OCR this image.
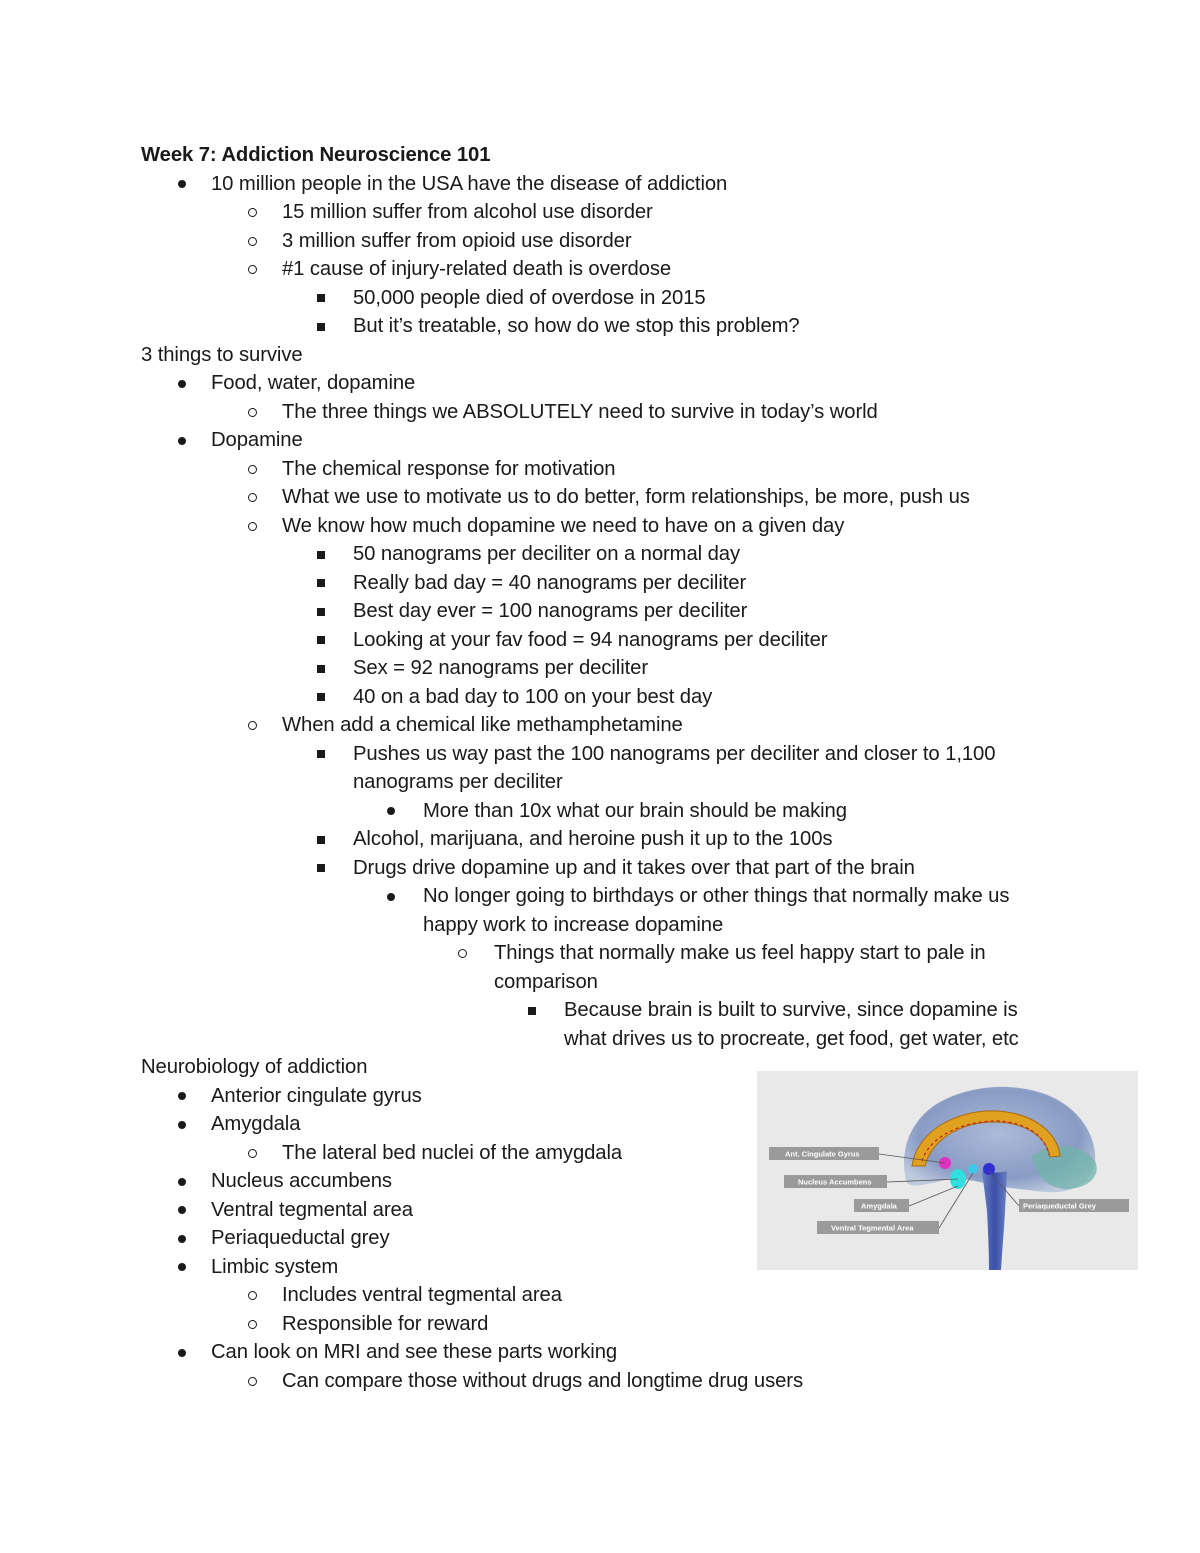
Week 7: Addiction Neuroscience 101
10 million people in the USA have the disease of addiction
15 million suffer from alcohol use disorder
3 million suffer from opioid use disorder
#1 cause of injury-related death is overdose
50,000 people died of overdose in 2015
But it’s treatable, so how do we stop this problem?
3 things to survive
Food, water, dopamine
The three things we ABSOLUTELY need to survive in today’s world
Dopamine
The chemical response for motivation
What we use to motivate us to do better, form relationships, be more, push us
We know how much dopamine we need to have on a given day
50 nanograms per deciliter on a normal day
Really bad day = 40 nanograms per deciliter
Best day ever = 100 nanograms per deciliter
Looking at your fav food = 94 nanograms per deciliter
Sex = 92 nanograms per deciliter
40 on a bad day to 100 on your best day
When add a chemical like methamphetamine
Pushes us way past the 100 nanograms per deciliter and closer to 1,100
nanograms per deciliter
More than 10x what our brain should be making
Alcohol, marijuana, and heroine push it up to the 100s
Drugs drive dopamine up and it takes over that part of the brain
No longer going to birthdays or other things that normally make us
happy work to increase dopamine
Things that normally make us feel happy start to pale in
comparison
Because brain is built to survive, since dopamine is
what drives us to procreate, get food, get water, etc
Neurobiology of addiction
Anterior cingulate gyrus
Amygdala
The lateral bed nuclei of the amygdala
Nucleus accumbens
Ventral tegmental area
Periaqueductal grey
Limbic system
Includes ventral tegmental area
Responsible for reward
Can look on MRI and see these parts working
Can compare those without drugs and longtime drug users
Ant. Cingulate Gyrus
Nucleus Accumbens
Amygdala
Ventral Tegmental Area
Periaqueductal Grey
